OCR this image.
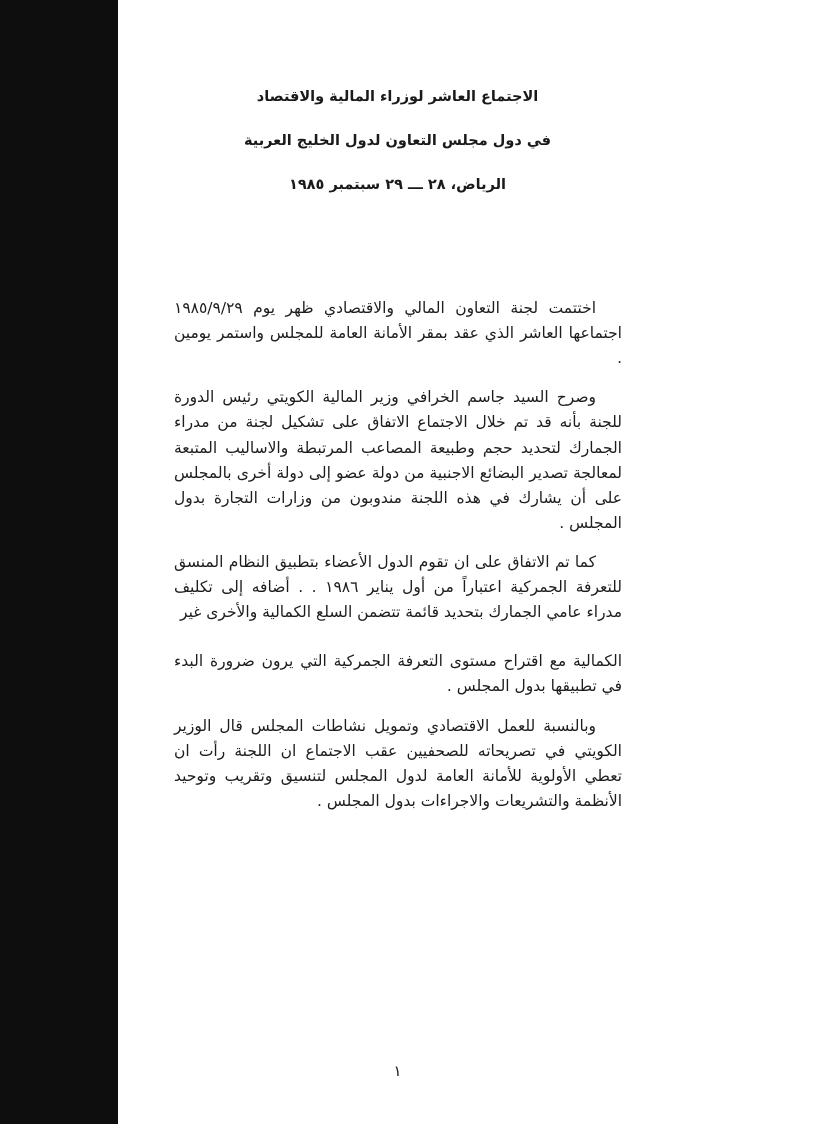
الاجتماع العاشر لوزراء المالية والاقتصاد
في دول مجلس التعاون لدول الخليج العربية
الرياض، ٢٨ ـــ ٢٩ سبتمبر ١٩٨٥

اختتمت لجنة التعاون المالي والاقتصادي ظهر يوم ١٩٨٥/٩/٢٩ اجتماعها العاشر الذي عقد بمقر الأمانة العامة للمجلس واستمر يومين .

وصرح السيد جاسم الخرافي وزير المالية الكويتي رئيس الدورة للجنة بأنه قد تم خلال الاجتماع الاتفاق على تشكيل لجنة من مدراء الجمارك لتحديد حجم وطبيعة المصاعب المرتبطة والاساليب المتبعة لمعالجة تصدير البضائع الاجنبية من دولة عضو إلى دولة أخرى بالمجلس على أن يشارك في هذه اللجنة مندوبون من وزارات التجارة بدول المجلس .

كما تم الاتفاق على ان تقوم الدول الأعضاء بتطبيق النظام المنسق للتعرفة الجمركية اعتباراً من أول يناير ١٩٨٦ . . أضافه إلى تكليف مدراء عامي الجمارك بتحديد قائمة تتضمن السلع الكمالية والأخرى غير

الكمالية مع اقتراح مستوى التعرفة الجمركية التي يرون ضرورة البدء في تطبيقها بدول المجلس .

وبالنسبة للعمل الاقتصادي وتمويل نشاطات المجلس قال الوزير الكويتي في تصريحاته للصحفيين عقب الاجتماع ان اللجنة رأت ان تعطي الأولوية للأمانة العامة لدول المجلس لتنسيق وتقريب وتوحيد الأنظمة والتشريعات والاجراءات بدول المجلس .

١
